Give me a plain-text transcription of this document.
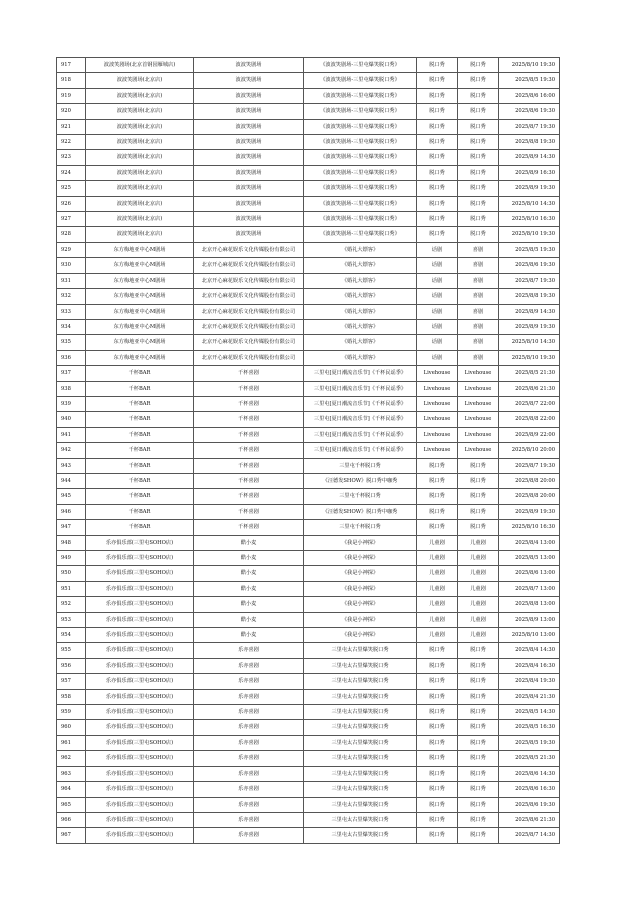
917	波波笑剧场(北京首钢园雁城店)	波波笑剧场	《波波笑剧场-三里屯爆笑脱口秀》	脱口秀	脱口秀	2025/8/10 19:30
918	波波笑剧场(北京店)	波波笑剧场	《波波笑剧场-三里屯爆笑脱口秀》	脱口秀	脱口秀	2025/8/5 19:30
919	波波笑剧场(北京店)	波波笑剧场	《波波笑剧场-三里屯爆笑脱口秀》	脱口秀	脱口秀	2025/8/6 16:00
920	波波笑剧场(北京店)	波波笑剧场	《波波笑剧场-三里屯爆笑脱口秀》	脱口秀	脱口秀	2025/8/6 19:30
921	波波笑剧场(北京店)	波波笑剧场	《波波笑剧场-三里屯爆笑脱口秀》	脱口秀	脱口秀	2025/8/7 19:30
922	波波笑剧场(北京店)	波波笑剧场	《波波笑剧场-三里屯爆笑脱口秀》	脱口秀	脱口秀	2025/8/8 19:30
923	波波笑剧场(北京店)	波波笑剧场	《波波笑剧场-三里屯爆笑脱口秀》	脱口秀	脱口秀	2025/8/9 14:30
924	波波笑剧场(北京店)	波波笑剧场	《波波笑剧场-三里屯爆笑脱口秀》	脱口秀	脱口秀	2025/8/9 16:30
925	波波笑剧场(北京店)	波波笑剧场	《波波笑剧场-三里屯爆笑脱口秀》	脱口秀	脱口秀	2025/8/9 19:30
926	波波笑剧场(北京店)	波波笑剧场	《波波笑剧场-三里屯爆笑脱口秀》	脱口秀	脱口秀	2025/8/10 14:30
927	波波笑剧场(北京店)	波波笑剧场	《波波笑剧场-三里屯爆笑脱口秀》	脱口秀	脱口秀	2025/8/10 16:30
928	波波笑剧场(北京店)	波波笑剧场	《波波笑剧场-三里屯爆笑脱口秀》	脱口秀	脱口秀	2025/8/10 19:30
929	东方梅地亚中心M剧场	北京开心麻花娱乐文化传媒股份有限公司	《婚礼大镖客》	话剧	喜剧	2025/8/5 19:30
930	东方梅地亚中心M剧场	北京开心麻花娱乐文化传媒股份有限公司	《婚礼大镖客》	话剧	喜剧	2025/8/6 19:30
931	东方梅地亚中心M剧场	北京开心麻花娱乐文化传媒股份有限公司	《婚礼大镖客》	话剧	喜剧	2025/8/7 19:30
932	东方梅地亚中心M剧场	北京开心麻花娱乐文化传媒股份有限公司	《婚礼大镖客》	话剧	喜剧	2025/8/8 19:30
933	东方梅地亚中心M剧场	北京开心麻花娱乐文化传媒股份有限公司	《婚礼大镖客》	话剧	喜剧	2025/8/9 14:30
934	东方梅地亚中心M剧场	北京开心麻花娱乐文化传媒股份有限公司	《婚礼大镖客》	话剧	喜剧	2025/8/9 19:30
935	东方梅地亚中心M剧场	北京开心麻花娱乐文化传媒股份有限公司	《婚礼大镖客》	话剧	喜剧	2025/8/10 14:30
936	东方梅地亚中心M剧场	北京开心麻花娱乐文化传媒股份有限公司	《婚礼大镖客》	话剧	喜剧	2025/8/10 19:30
937	千杯BAR	千杯喜剧	三里屯[夏日潮流音乐节]《千杯民谣季》	Livehouse	Livehouse	2025/8/5 21:30
938	千杯BAR	千杯喜剧	三里屯[夏日潮流音乐节]《千杯民谣季》	Livehouse	Livehouse	2025/8/6 21:30
939	千杯BAR	千杯喜剧	三里屯[夏日潮流音乐节]《千杯民谣季》	Livehouse	Livehouse	2025/8/7 22:00
940	千杯BAR	千杯喜剧	三里屯[夏日潮流音乐节]《千杯民谣季》	Livehouse	Livehouse	2025/8/8 22:00
941	千杯BAR	千杯喜剧	三里屯[夏日潮流音乐节]《千杯民谣季》	Livehouse	Livehouse	2025/8/9 22:00
942	千杯BAR	千杯喜剧	三里屯[夏日潮流音乐节]《千杯民谣季》	Livehouse	Livehouse	2025/8/10 20:00
943	千杯BAR	千杯喜剧	三里屯千杯脱口秀	脱口秀	脱口秀	2025/8/7 19:30
944	千杯BAR	千杯喜剧	《汪德发SHOW》脱口秀中咖秀	脱口秀	脱口秀	2025/8/8 20:00
945	千杯BAR	千杯喜剧	三里屯千杯脱口秀	脱口秀	脱口秀	2025/8/8 20:00
946	千杯BAR	千杯喜剧	《汪德发SHOW》脱口秀中咖秀	脱口秀	脱口秀	2025/8/9 19:30
947	千杯BAR	千杯喜剧	三里屯千杯脱口秀	脱口秀	脱口秀	2025/8/10 16:30
948	乐亦俱乐部(三里屯SOHO店)	酷小麦	《我是小神探》	儿童剧	儿童剧	2025/8/4 13:00
949	乐亦俱乐部(三里屯SOHO店)	酷小麦	《我是小神探》	儿童剧	儿童剧	2025/8/5 13:00
950	乐亦俱乐部(三里屯SOHO店)	酷小麦	《我是小神探》	儿童剧	儿童剧	2025/8/6 13:00
951	乐亦俱乐部(三里屯SOHO店)	酷小麦	《我是小神探》	儿童剧	儿童剧	2025/8/7 13:00
952	乐亦俱乐部(三里屯SOHO店)	酷小麦	《我是小神探》	儿童剧	儿童剧	2025/8/8 13:00
953	乐亦俱乐部(三里屯SOHO店)	酷小麦	《我是小神探》	儿童剧	儿童剧	2025/8/9 13:00
954	乐亦俱乐部(三里屯SOHO店)	酷小麦	《我是小神探》	儿童剧	儿童剧	2025/8/10 13:00
955	乐亦俱乐部(三里屯SOHO店)	乐亦喜剧	三里屯太古里爆笑脱口秀	脱口秀	脱口秀	2025/8/4 14:30
956	乐亦俱乐部(三里屯SOHO店)	乐亦喜剧	三里屯太古里爆笑脱口秀	脱口秀	脱口秀	2025/8/4 16:30
957	乐亦俱乐部(三里屯SOHO店)	乐亦喜剧	三里屯太古里爆笑脱口秀	脱口秀	脱口秀	2025/8/4 19:30
958	乐亦俱乐部(三里屯SOHO店)	乐亦喜剧	三里屯太古里爆笑脱口秀	脱口秀	脱口秀	2025/8/4 21:30
959	乐亦俱乐部(三里屯SOHO店)	乐亦喜剧	三里屯太古里爆笑脱口秀	脱口秀	脱口秀	2025/8/5 14:30
960	乐亦俱乐部(三里屯SOHO店)	乐亦喜剧	三里屯太古里爆笑脱口秀	脱口秀	脱口秀	2025/8/5 16:30
961	乐亦俱乐部(三里屯SOHO店)	乐亦喜剧	三里屯太古里爆笑脱口秀	脱口秀	脱口秀	2025/8/5 19:30
962	乐亦俱乐部(三里屯SOHO店)	乐亦喜剧	三里屯太古里爆笑脱口秀	脱口秀	脱口秀	2025/8/5 21:30
963	乐亦俱乐部(三里屯SOHO店)	乐亦喜剧	三里屯太古里爆笑脱口秀	脱口秀	脱口秀	2025/8/6 14:30
964	乐亦俱乐部(三里屯SOHO店)	乐亦喜剧	三里屯太古里爆笑脱口秀	脱口秀	脱口秀	2025/8/6 16:30
965	乐亦俱乐部(三里屯SOHO店)	乐亦喜剧	三里屯太古里爆笑脱口秀	脱口秀	脱口秀	2025/8/6 19:30
966	乐亦俱乐部(三里屯SOHO店)	乐亦喜剧	三里屯太古里爆笑脱口秀	脱口秀	脱口秀	2025/8/6 21:30
967	乐亦俱乐部(三里屯SOHO店)	乐亦喜剧	三里屯太古里爆笑脱口秀	脱口秀	脱口秀	2025/8/7 14:30
